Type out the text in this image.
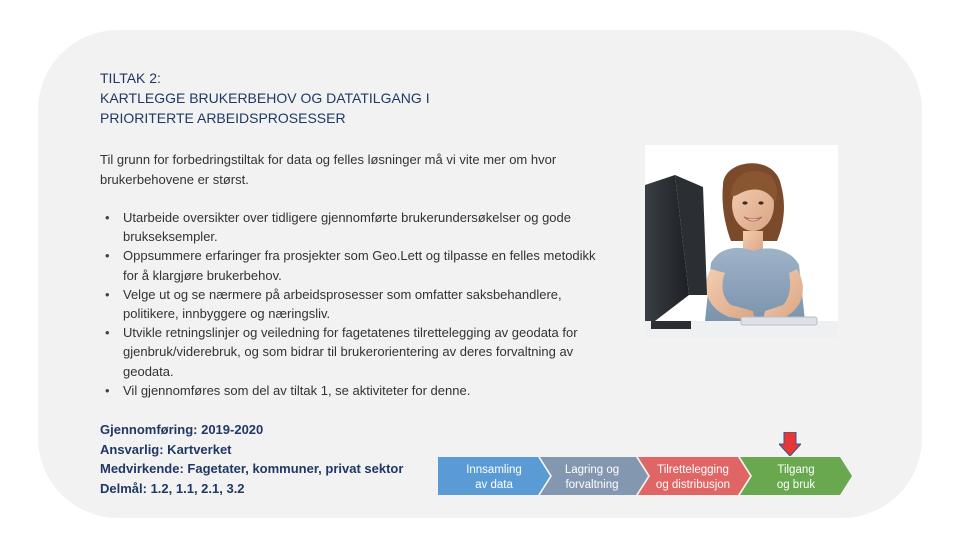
TILTAK 2:
KARTLEGGE BRUKERBEHOV OG DATATILGANG I
PRIORITERTE ARBEIDSPROSESSER
Til grunn for forbedringstiltak for data og felles løsninger må vi vite mer om hvor brukerbehovene er størst.
• Utarbeide oversikter over tidligere gjennomførte brukerundersøkelser og gode brukseksempler.
• Oppsummere erfaringer fra prosjekter som Geo.Lett og tilpasse en felles metodikk for å klargjøre brukerbehov.
• Velge ut og se nærmere på arbeidsprosesser som omfatter saksbehandlere, politikere, innbyggere og næringsliv.
• Utvikle retningslinjer og veiledning for fagetatenes tilrettelegging av geodata for gjenbruk/viderebruk, og som bidrar til brukerorientering av deres forvaltning av geodata.
• Vil gjennomføres som del av tiltak 1, se aktiviteter for denne.
Gjennomføring: 2019-2020
Ansvarlig: Kartverket
Medvirkende: Fagetater, kommuner, privat sektor
Delmål: 1.2, 1.1, 2.1, 3.2
Innsamling
av data
Lagring og
forvaltning
Tilrettelegging
og distribusjon
Tilgang
og bruk
